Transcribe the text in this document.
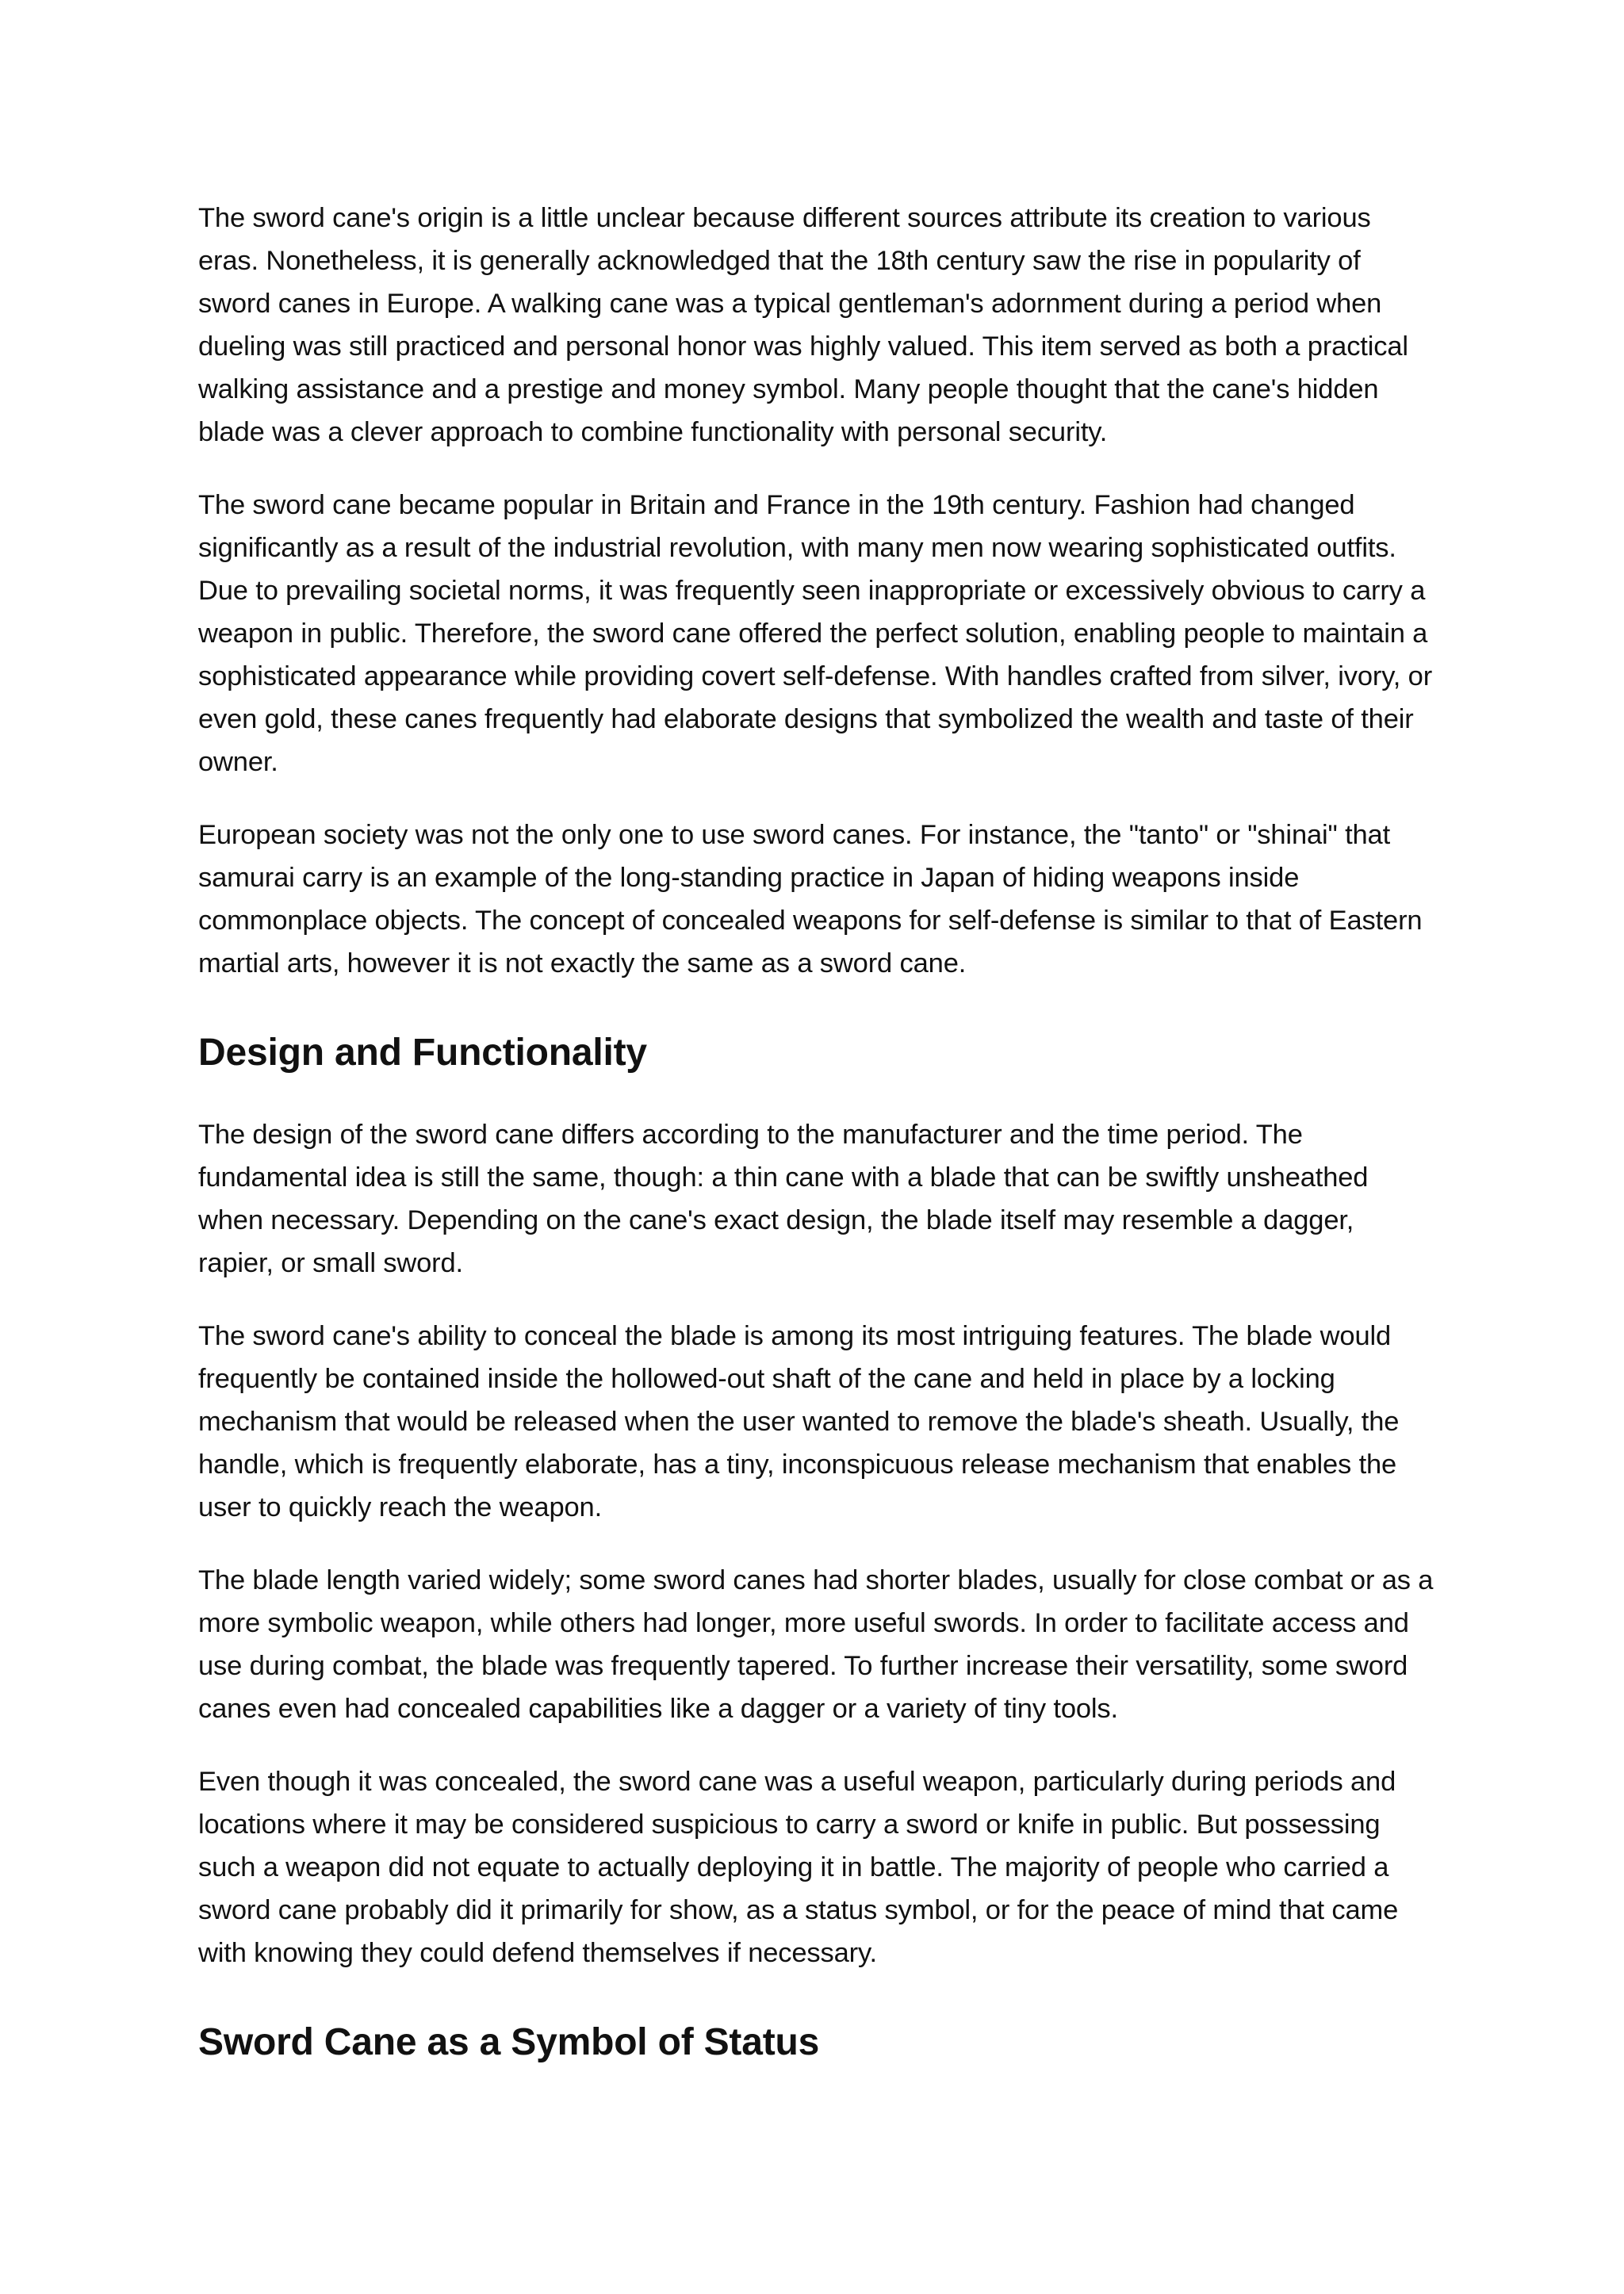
The sword cane's origin is a little unclear because different sources attribute its creation to various eras. Nonetheless, it is generally acknowledged that the 18th century saw the rise in popularity of sword canes in Europe. A walking cane was a typical gentleman's adornment during a period when dueling was still practiced and personal honor was highly valued. This item served as both a practical walking assistance and a prestige and money symbol. Many people thought that the cane's hidden blade was a clever approach to combine functionality with personal security.

The sword cane became popular in Britain and France in the 19th century. Fashion had changed significantly as a result of the industrial revolution, with many men now wearing sophisticated outfits. Due to prevailing societal norms, it was frequently seen inappropriate or excessively obvious to carry a weapon in public. Therefore, the sword cane offered the perfect solution, enabling people to maintain a sophisticated appearance while providing covert self-defense. With handles crafted from silver, ivory, or even gold, these canes frequently had elaborate designs that symbolized the wealth and taste of their owner.

European society was not the only one to use sword canes. For instance, the "tanto" or "shinai" that samurai carry is an example of the long-standing practice in Japan of hiding weapons inside commonplace objects. The concept of concealed weapons for self-defense is similar to that of Eastern martial arts, however it is not exactly the same as a sword cane.

Design and Functionality

The design of the sword cane differs according to the manufacturer and the time period. The fundamental idea is still the same, though: a thin cane with a blade that can be swiftly unsheathed when necessary. Depending on the cane's exact design, the blade itself may resemble a dagger, rapier, or small sword.

The sword cane's ability to conceal the blade is among its most intriguing features. The blade would frequently be contained inside the hollowed-out shaft of the cane and held in place by a locking mechanism that would be released when the user wanted to remove the blade's sheath. Usually, the handle, which is frequently elaborate, has a tiny, inconspicuous release mechanism that enables the user to quickly reach the weapon.

The blade length varied widely; some sword canes had shorter blades, usually for close combat or as a more symbolic weapon, while others had longer, more useful swords. In order to facilitate access and use during combat, the blade was frequently tapered. To further increase their versatility, some sword canes even had concealed capabilities like a dagger or a variety of tiny tools.

Even though it was concealed, the sword cane was a useful weapon, particularly during periods and locations where it may be considered suspicious to carry a sword or knife in public. But possessing such a weapon did not equate to actually deploying it in battle. The majority of people who carried a sword cane probably did it primarily for show, as a status symbol, or for the peace of mind that came with knowing they could defend themselves if necessary.

Sword Cane as a Symbol of Status
